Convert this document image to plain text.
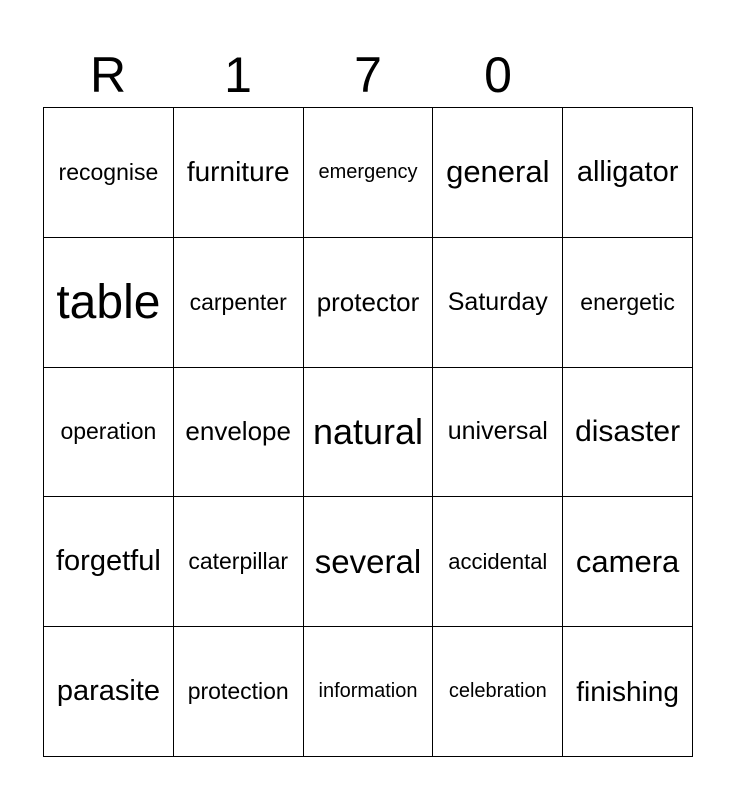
R	1	7	0
recognise furniture emergency general alligator
table carpenter protector Saturday energetic
operation envelope natural universal disaster
forgetful caterpillar several accidental camera
parasite protection information celebration finishing
